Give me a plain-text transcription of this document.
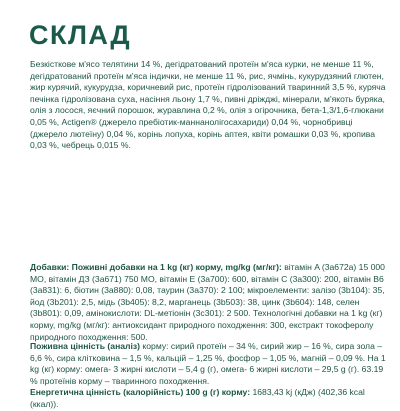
СКЛАД

Безкісткове м'ясо телятини 14 %, дегідратований протеїн м'яса курки, не менше 11 %, дегідратований протеїн м'яса індички, не менше 11 %, рис, ячмінь, кукурудзяний глютен, жир курячий, кукурудза, коричневий рис, протеїн гідролізований тваринний 3,5 %, куряча печінка гідролізована суха, насіння льону 1,7 %, пивні дріжджі, мінерали, м'якоть буряка, олія з лосося, яєчний порошок, журавлина 0,2 %, олія з огірочника, бета-1,3/1,6-глюкани 0,05 %, Actigen® (джерело пребіотик-маннанолігосахариди) 0,04 %, чорнобривці (джерело лютеїну) 0,04 %, корінь лопуха, корінь аптея, квіти ромашки 0,03 %, кропива 0,03 %, чебрець 0,015 %.

Добавки: Поживні добавки на 1 kg (кг) корму, mg/kg (мг/кг): вітамін A (3a672a) 15 000 МО, вітамін ДЗ (3a671) 750 МО, вітамін E (3a700): 600, вітамін C (3a300): 200, вітамін B6 (3a831): 6, біотин (3a880): 0,08, таурин (3a370): 2 100; мікроелементи: залізо (3b104): 35, йод (3b201): 2,5, мідь (3b405): 8,2, марганець (3b503): 38, цинк (3b604): 148, селен (3b801): 0,09, амінокислоти: DL-метіонін (3c301): 2 500. Технологічні добавки на 1 kg (кг) корму, mg/kg (мг/кг): антиоксидант природного походження: 300, екстракт токоферолу природного походження: 500.

Поживна цінність (аналіз) корму: сирий протеїн – 34 %, сирий жир – 16 %, сира зола – 6,6 %, сира клітковина – 1,5 %, кальцій – 1,25 %, фосфор – 1,05 %, магній – 0,09 %. На 1 kg (кг) корму: омега- 3 жирні кислоти – 5,4 g (г), омега- 6 жирні кислоти – 29,5 g (г). 63.19 % протеїнів корму – тваринного походження.
Енергетична цінність (калорійність) 100 g (г) корму: 1683,43 kj (кДж) (402,36 kcal (ккал)).
